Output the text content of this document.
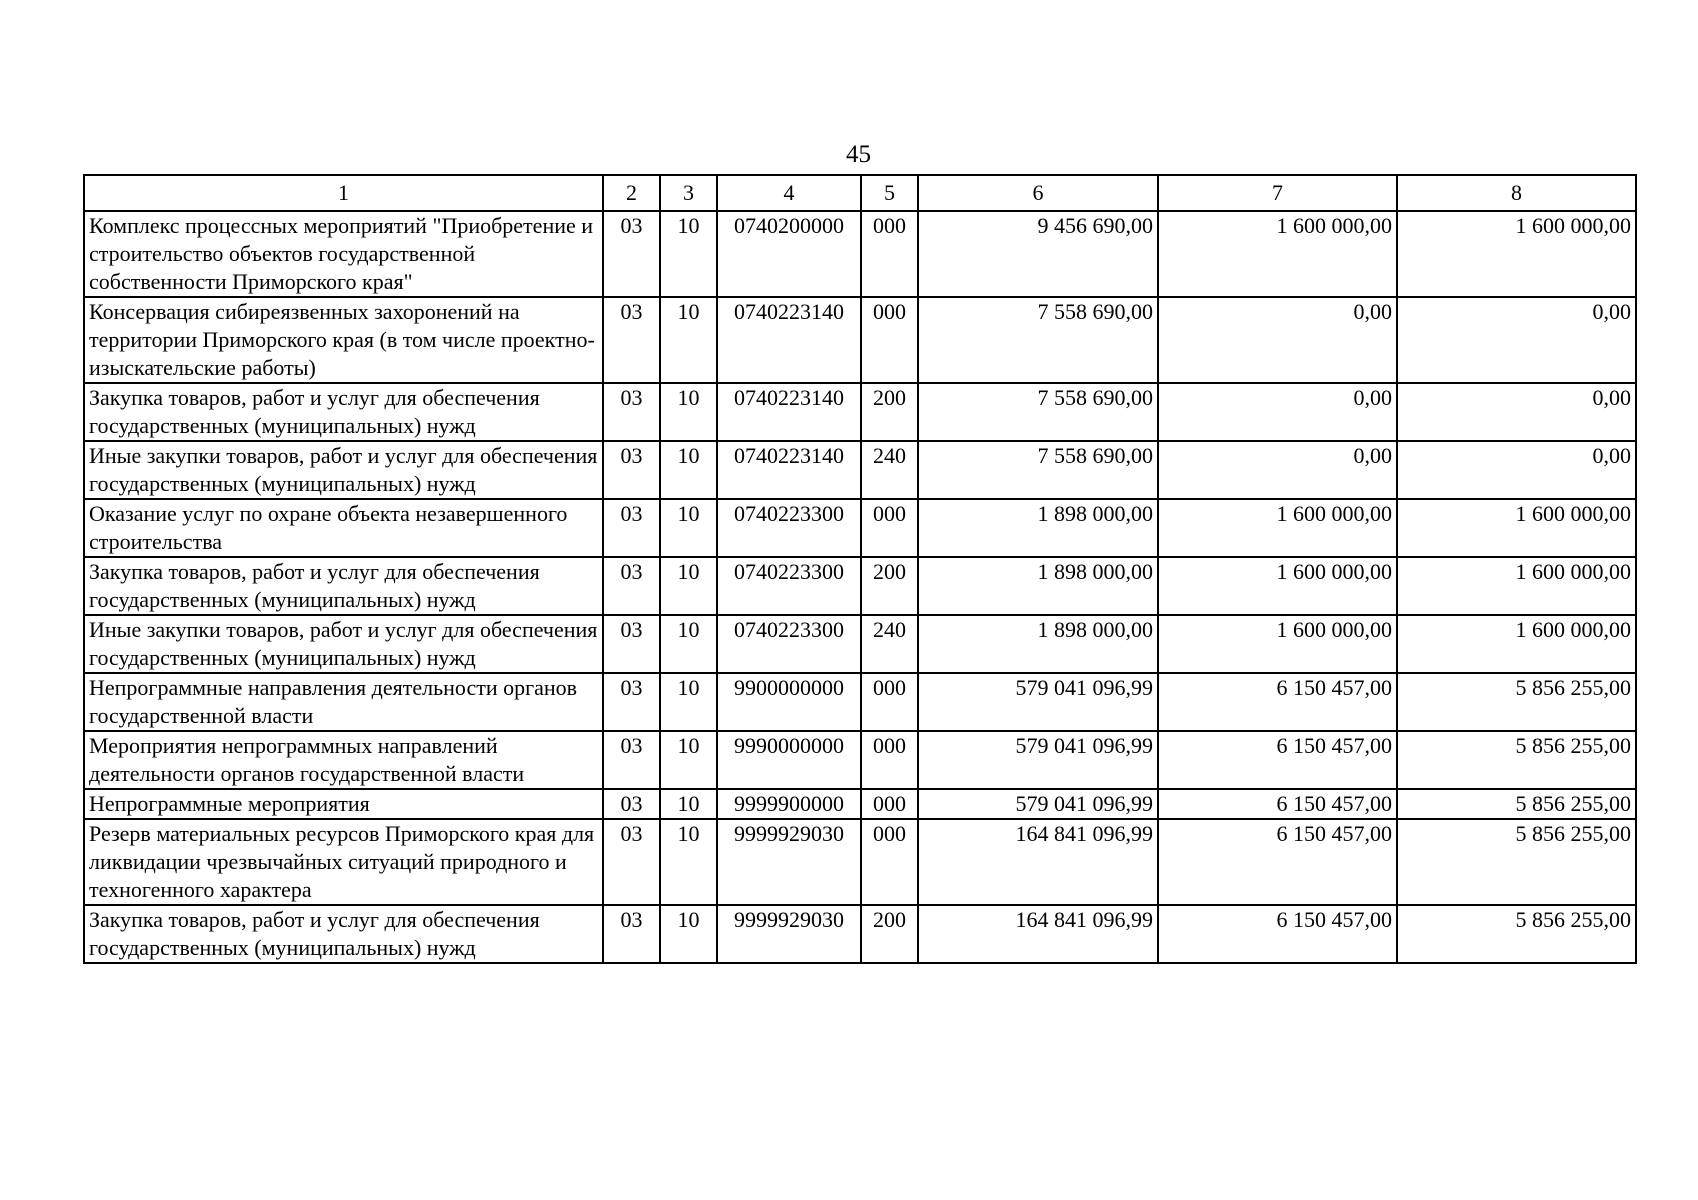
45
1	2	3	4	5	6	7	8
Комплекс процессных мероприятий "Приобретение и строительство объектов государственной собственности Приморского края"	03	10	0740200000	000	9 456 690,00	1 600 000,00	1 600 000,00
Консервация сибиреязвенных захоронений на территории Приморского края (в том числе проектно-изыскательские работы)	03	10	0740223140	000	7 558 690,00	0,00	0,00
Закупка товаров, работ и услуг для обеспечения государственных (муниципальных) нужд	03	10	0740223140	200	7 558 690,00	0,00	0,00
Иные закупки товаров, работ и услуг для обеспечения государственных (муниципальных) нужд	03	10	0740223140	240	7 558 690,00	0,00	0,00
Оказание услуг по охране объекта незавершенного строительства	03	10	0740223300	000	1 898 000,00	1 600 000,00	1 600 000,00
Закупка товаров, работ и услуг для обеспечения государственных (муниципальных) нужд	03	10	0740223300	200	1 898 000,00	1 600 000,00	1 600 000,00
Иные закупки товаров, работ и услуг для обеспечения государственных (муниципальных) нужд	03	10	0740223300	240	1 898 000,00	1 600 000,00	1 600 000,00
Непрограммные направления деятельности органов государственной власти	03	10	9900000000	000	579 041 096,99	6 150 457,00	5 856 255,00
Мероприятия непрограммных направлений деятельности органов государственной власти	03	10	9990000000	000	579 041 096,99	6 150 457,00	5 856 255,00
Непрограммные мероприятия	03	10	9999900000	000	579 041 096,99	6 150 457,00	5 856 255,00
Резерв материальных ресурсов Приморского края для ликвидации чрезвычайных ситуаций природного и техногенного характера	03	10	9999929030	000	164 841 096,99	6 150 457,00	5 856 255,00
Закупка товаров, работ и услуг для обеспечения государственных (муниципальных) нужд	03	10	9999929030	200	164 841 096,99	6 150 457,00	5 856 255,00
